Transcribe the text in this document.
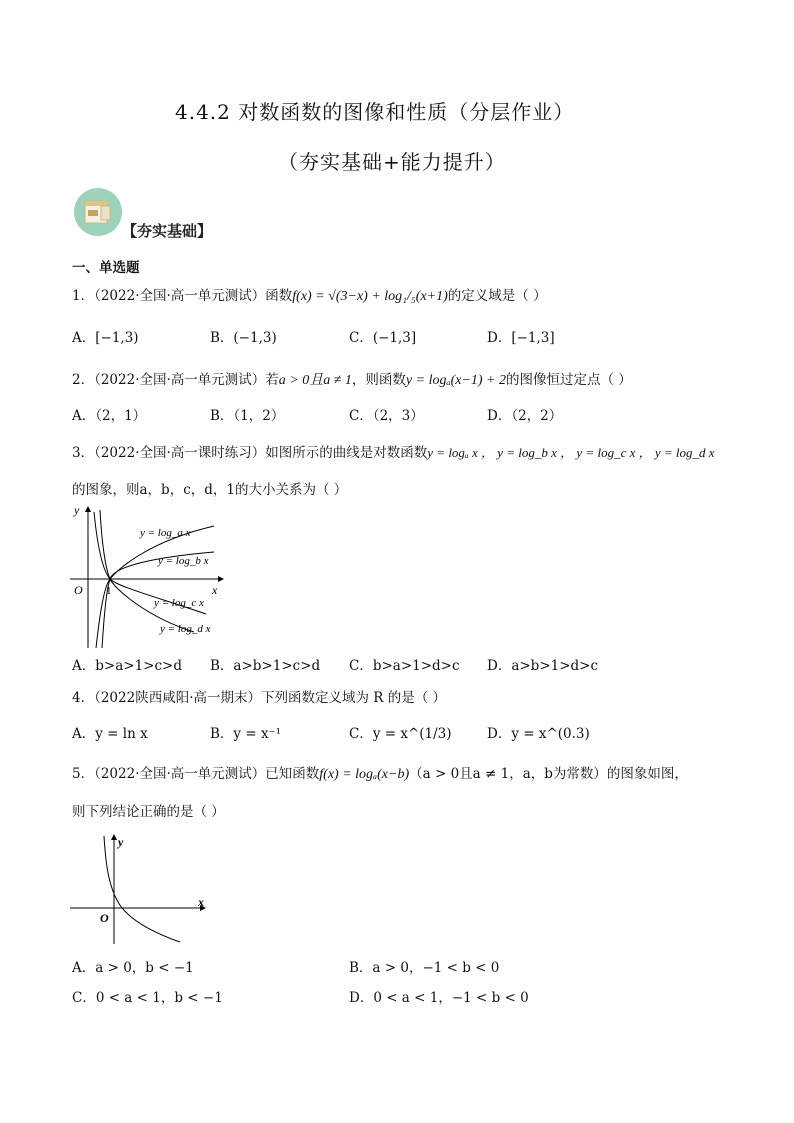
4.4.2 对数函数的图像和性质（分层作业）
（夯实基础+能力提升）
【夯实基础】
一、单选题
1．（2022·全国·高一单元测试）函数f(x) = √(3−x) + log₁/₅(x+1)的定义域是（ ）
A．[−1,3)	B．(−1,3)	C．(−1,3]	D．[−1,3]
2．（2022·全国·高一单元测试）若a > 0且a ≠ 1，则函数y = logₐ(x−1) + 2的图像恒过定点（ ）
A．（2，1）	B．（1，2）	C．（2，3）	D．（2，2）
3．（2022·全国·高一课时练习）如图所示的曲线是对数函数y = logₐ x ， y = log_b x ， y = log_c x ， y = log_d x
的图象，则a，b，c，d，1的大小关系为（ ）
y
x
O 1
y = log_a x
y = log_b x
y = log_c x
y = log_d x
A．b>a>1>c>d B．a>b>1>c>d C．b>a>1>d>c D．a>b>1>d>c
4．（2022陕西咸阳·高一期末）下列函数定义域为 R 的是（ ）
A．y = ln x	B．y = x⁻¹	C．y = x^(1/3)	D．y = x^(0.3)
5．（2022·全国·高一单元测试）已知函数f(x) = logₐ(x−b)（a > 0且a ≠ 1，a，b为常数）的图象如图，
则下列结论正确的是（ ）
y
x
O
A．a > 0，b < −1	B．a > 0，−1 < b < 0
C．0 < a < 1，b < −1	D．0 < a < 1，−1 < b < 0
